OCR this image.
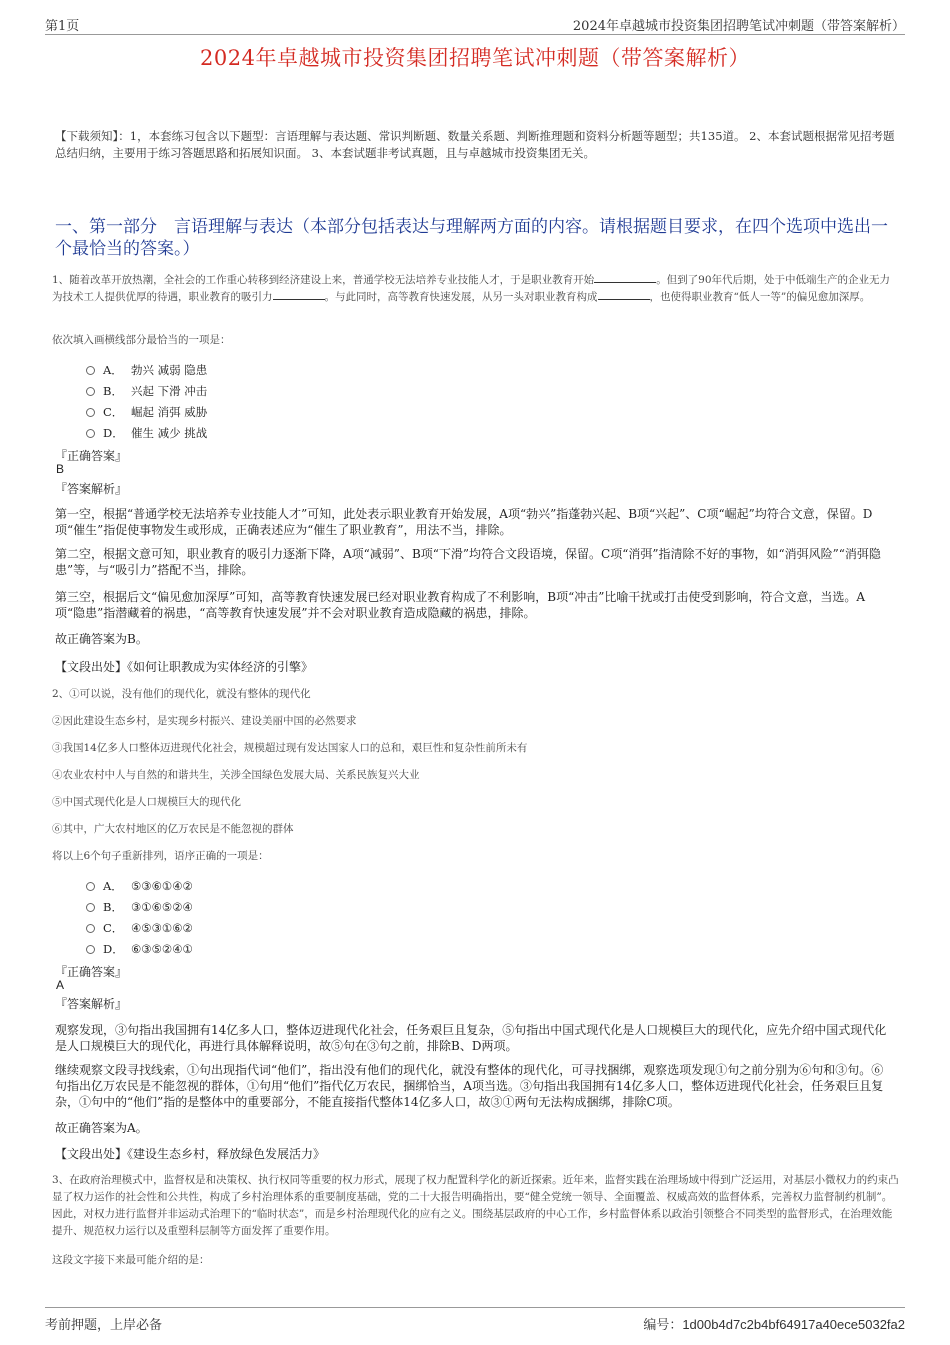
第1页	2024年卓越城市投资集团招聘笔试冲刺题（带答案解析）
2024年卓越城市投资集团招聘笔试冲刺题（带答案解析）
【下载须知】：1，本套练习包含以下题型：言语理解与表达题、常识判断题、数量关系题、判断推理题和资料分析题等题型；共135道。 2、本套试题根据常见招考题总结归纳，主要用于练习答题思路和拓展知识面。 3、本套试题非考试真题，且与卓越城市投资集团无关。
一、第一部分　言语理解与表达（本部分包括表达与理解两方面的内容。请根据题目要求，在四个选项中选出一个最恰当的答案。）
1、随着改革开放热潮，全社会的工作重心转移到经济建设上来，普通学校无法培养专业技能人才，于是职业教育开始	。但到了90年代后期，处于中低端生产的企业无力为技术工人提供优厚的待遇，职业教育的吸引力	。与此同时，高等教育快速发展，从另一头对职业教育构成	，也使得职业教育“低人一等”的偏见愈加深厚。
依次填入画横线部分最恰当的一项是：
A． 勃兴 减弱 隐患
B． 兴起 下滑 冲击
C． 崛起 消弭 威胁
D． 催生 减少 挑战
『正确答案』
B
『答案解析』
第一空，根据“普通学校无法培养专业技能人才”可知，此处表示职业教育开始发展，A项“勃兴”指蓬勃兴起、B项“兴起”、C项“崛起”均符合文意，保留。D项“催生”指促使事物发生或形成，正确表述应为“催生了职业教育”，用法不当，排除。
第二空，根据文意可知，职业教育的吸引力逐渐下降，A项“减弱”、B项“下滑”均符合文段语境，保留。C项“消弭”指清除不好的事物，如“消弭风险”“消弭隐患”等，与“吸引力”搭配不当，排除。
第三空，根据后文“偏见愈加深厚”可知，高等教育快速发展已经对职业教育构成了不利影响，B项“冲击”比喻干扰或打击使受到影响，符合文意，当选。A项“隐患”指潜藏着的祸患，“高等教育快速发展”并不会对职业教育造成隐藏的祸患，排除。
故正确答案为B。
【文段出处】《如何让职教成为实体经济的引擎》
2、①可以说，没有他们的现代化，就没有整体的现代化
②因此建设生态乡村，是实现乡村振兴、建设美丽中国的必然要求
③我国14亿多人口整体迈进现代化社会，规模超过现有发达国家人口的总和，艰巨性和复杂性前所未有
④农业农村中人与自然的和谐共生，关涉全国绿色发展大局、关系民族复兴大业
⑤中国式现代化是人口规模巨大的现代化
⑥其中，广大农村地区的亿万农民是不能忽视的群体
将以上6个句子重新排列，语序正确的一项是：
A． ⑤③⑥①④②
B． ③①⑥⑤②④
C． ④⑤③①⑥②
D． ⑥③⑤②④①
『正确答案』
A
『答案解析』
观察发现，③句指出我国拥有14亿多人口，整体迈进现代化社会，任务艰巨且复杂，⑤句指出中国式现代化是人口规模巨大的现代化，应先介绍中国式现代化是人口规模巨大的现代化，再进行具体解释说明，故⑤句在③句之前，排除B、D两项。
继续观察文段寻找线索，①句出现指代词“他们”，指出没有他们的现代化，就没有整体的现代化，可寻找捆绑，观察选项发现①句之前分别为⑥句和③句。⑥句指出亿万农民是不能忽视的群体，①句用“他们”指代亿万农民，捆绑恰当，A项当选。③句指出我国拥有14亿多人口，整体迈进现代化社会，任务艰巨且复杂，①句中的“他们”指的是整体中的重要部分，不能直接指代整体14亿多人口，故③①两句无法构成捆绑，排除C项。
故正确答案为A。
【文段出处】《建设生态乡村，释放绿色发展活力》
3、在政府治理模式中，监督权是和决策权、执行权同等重要的权力形式，展现了权力配置科学化的新近探索。近年来，监督实践在治理场域中得到广泛运用，对基层小微权力的约束凸显了权力运作的社会性和公共性，构成了乡村治理体系的重要制度基础，党的二十大报告明确指出，要“健全党统一领导、全面覆盖、权威高效的监督体系，完善权力监督制约机制”。因此，对权力进行监督并非运动式治理下的“临时状态”，而是乡村治理现代化的应有之义。围绕基层政府的中心工作，乡村监督体系以政治引领整合不同类型的监督形式，在治理效能提升、规范权力运行以及重塑科层制等方面发挥了重要作用。
这段文字接下来最可能介绍的是：
考前押题，上岸必备	编号：1d00b4d7c2b4bf64917a40ece5032fa2
